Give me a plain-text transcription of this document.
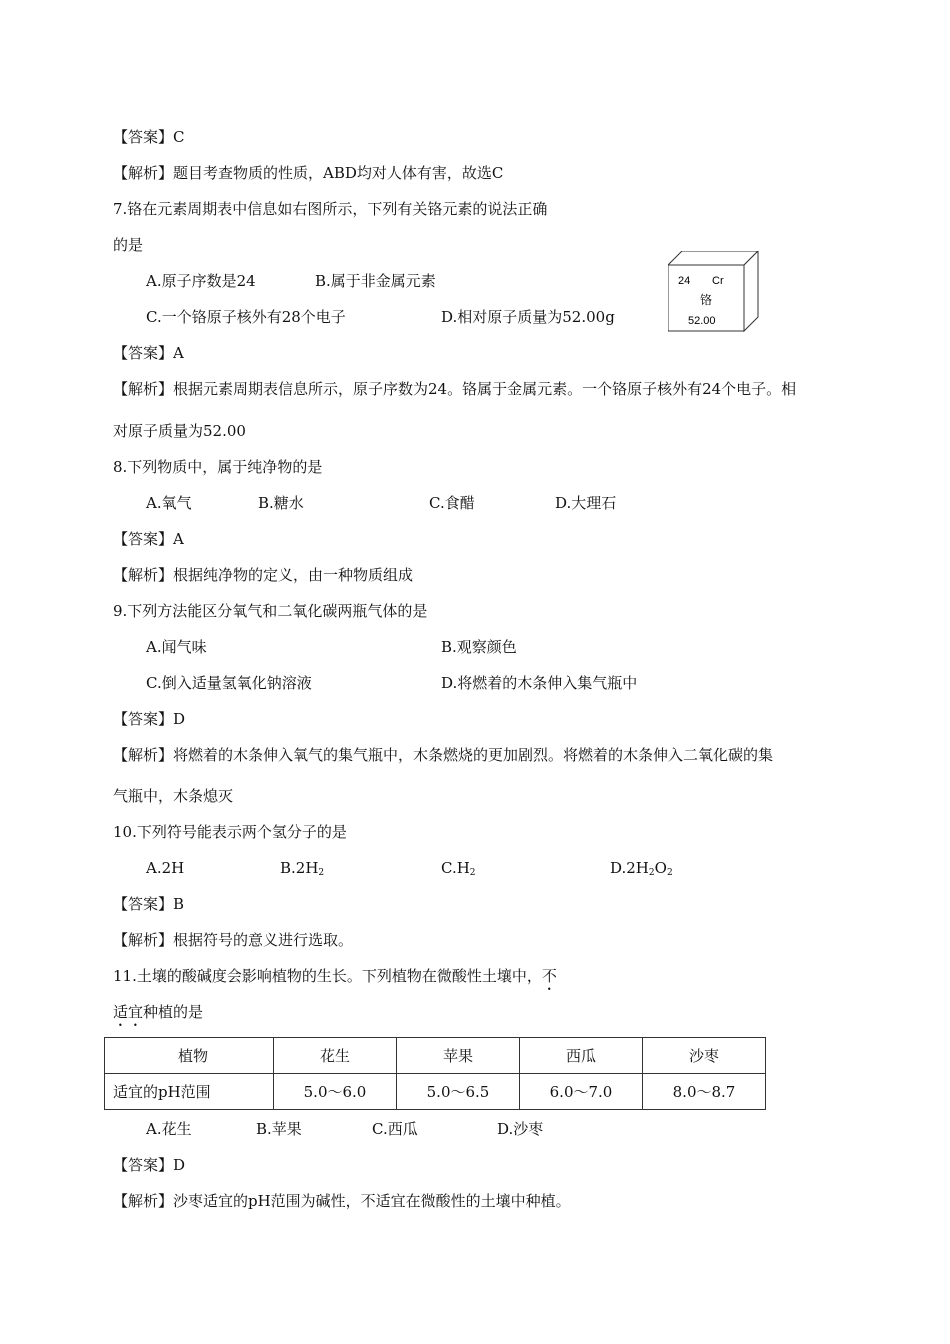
【答案】C
【解析】题目考查物质的性质，ABD均对人体有害，故选C
7.铬在元素周期表中信息如右图所示，下列有关铬元素的说法正确
的是
A.原子序数是24	B.属于非金属元素
C.一个铬原子核外有28个电子	D.相对原子质量为52.00g
24 Cr
铬
52.00
【答案】A
【解析】根据元素周期表信息所示，原子序数为24。铬属于金属元素。一个铬原子核外有24个电子。相
对原子质量为52.00
8.下列物质中，属于纯净物的是
A.氧气	B.糖水	C.食醋	D.大理石
【答案】A
【解析】根据纯净物的定义，由一种物质组成
9.下列方法能区分氧气和二氧化碳两瓶气体的是
A.闻气味	B.观察颜色
C.倒入适量氢氧化钠溶液	D.将燃着的木条伸入集气瓶中
【答案】D
【解析】将燃着的木条伸入氧气的集气瓶中，木条燃烧的更加剧烈。将燃着的木条伸入二氧化碳的集
气瓶中，木条熄灭
10.下列符号能表示两个氢分子的是
A.2H	$B.2H_2$	$C.H_2$	$D.2H_2O_2$
【答案】B
【解析】根据符号的意义进行选取。
11.土壤的酸碱度会影响植物的生长。下列植物在微酸性土壤中，不
适宜种植的是
植物	花生	苹果	西瓜	沙枣
适宜的pH范围	5.0～6.0	5.0～6.5	6.0～7.0	8.0～8.7
A.花生	B.苹果	C.西瓜	D.沙枣
【答案】D
【解析】沙枣适宜的pH范围为碱性，不适宜在微酸性的土壤中种植。
